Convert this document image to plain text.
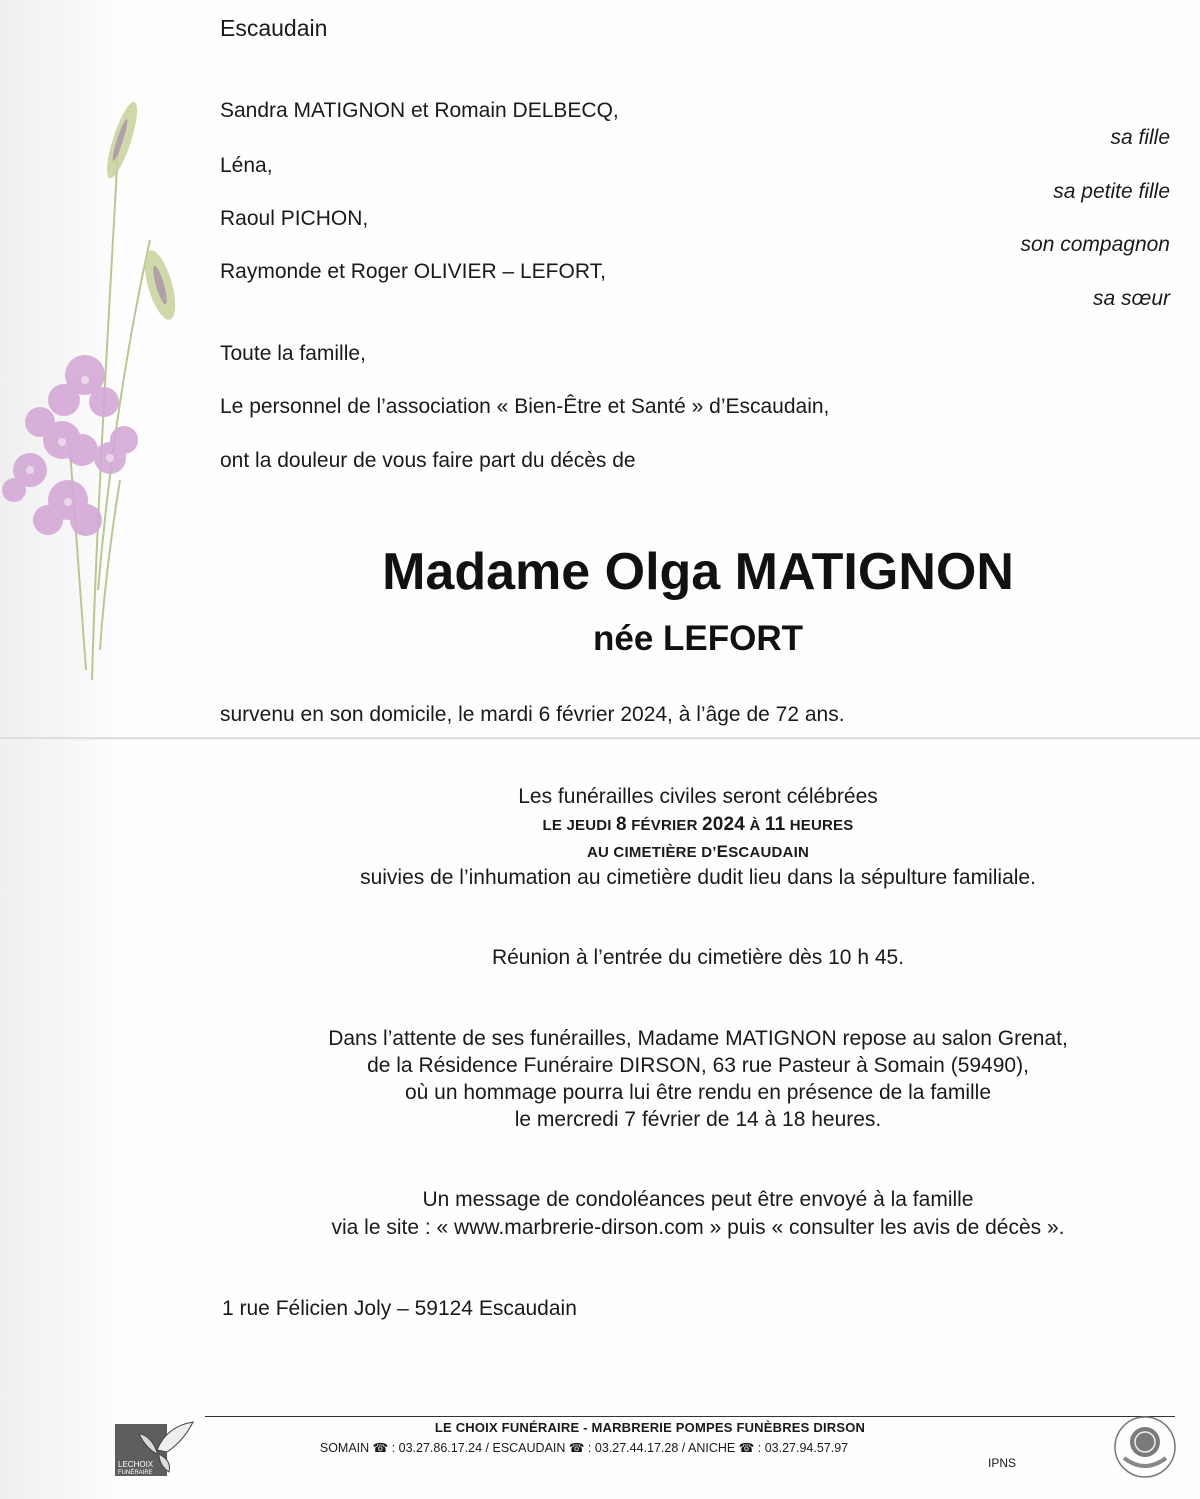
Escaudain
Sandra MATIGNON et Romain DELBECQ,
sa fille
Léna,
sa petite fille
Raoul PICHON,
son compagnon
Raymonde et Roger OLIVIER – LEFORT,
sa sœur
Toute la famille,
Le personnel de l’association « Bien-Être et Santé » d’Escaudain,
ont la douleur de vous faire part du décès de
Madame Olga MATIGNON
née LEFORT
survenu en son domicile, le mardi 6 février 2024, à l’âge de 72 ans.
Les funérailles civiles seront célébrées
LE JEUDI 8 FÉVRIER 2024 À 11 HEURES
AU CIMETIÈRE D’ESCAUDAIN
suivies de l’inhumation au cimetière dudit lieu dans la sépulture familiale.
Réunion à l’entrée du cimetière dès 10 h 45.
Dans l’attente de ses funérailles, Madame MATIGNON repose au salon Grenat,
de la Résidence Funéraire DIRSON, 63 rue Pasteur à Somain (59490),
où un hommage pourra lui être rendu en présence de la famille
le mercredi 7 février de 14 à 18 heures.
Un message de condoléances peut être envoyé à la famille
via le site : « www.marbrerie-dirson.com » puis « consulter les avis de décès ».
1 rue Félicien Joly – 59124 Escaudain
LE CHOIX FUNÉRAIRE - MARBRERIE POMPES FUNÈBRES DIRSON
SOMAIN ☎ : 03.27.86.17.24 / ESCAUDAIN ☎ : 03.27.44.17.28 / ANICHE ☎ : 03.27.94.57.97
IPNS
LECHOIX
FUNÉRAIRE
